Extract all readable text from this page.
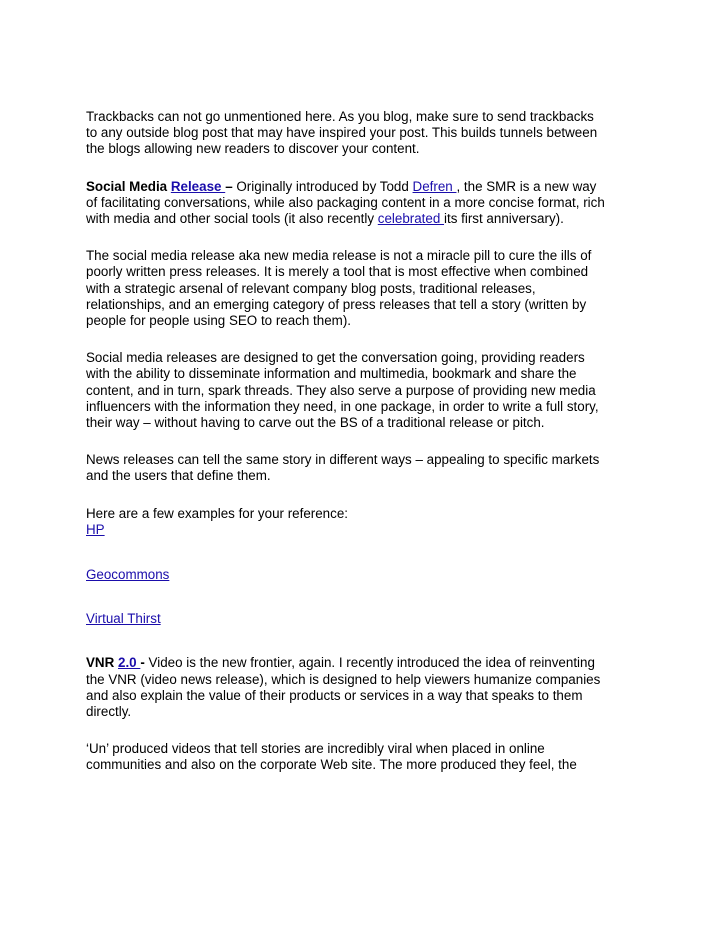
Trackbacks can not go unmentioned here. As you blog, make sure to send trackbacks
to any outside blog post that may have inspired your post. This builds tunnels between
the blogs allowing new readers to discover your content.

Social Media Release – Originally introduced by Todd Defren , the SMR is a new way
of facilitating conversations, while also packaging content in a more concise format, rich
with media and other social tools (it also recently celebrated its first anniversary).

The social media release aka new media release is not a miracle pill to cure the ills of
poorly written press releases. It is merely a tool that is most effective when combined
with a strategic arsenal of relevant company blog posts, traditional releases,
relationships, and an emerging category of press releases that tell a story (written by
people for people using SEO to reach them).

Social media releases are designed to get the conversation going, providing readers
with the ability to disseminate information and multimedia, bookmark and share the
content, and in turn, spark threads. They also serve a purpose of providing new media
influencers with the information they need, in one package, in order to write a full story,
their way – without having to carve out the BS of a traditional release or pitch.

News releases can tell the same story in different ways – appealing to specific markets
and the users that define them.

Here are a few examples for your reference:

HP

Geocommons

Virtual Thirst

VNR 2.0 - Video is the new frontier, again. I recently introduced the idea of reinventing
the VNR (video news release), which is designed to help viewers humanize companies
and also explain the value of their products or services in a way that speaks to them
directly.

‘Un’ produced videos that tell stories are incredibly viral when placed in online
communities and also on the corporate Web site. The more produced they feel, the
